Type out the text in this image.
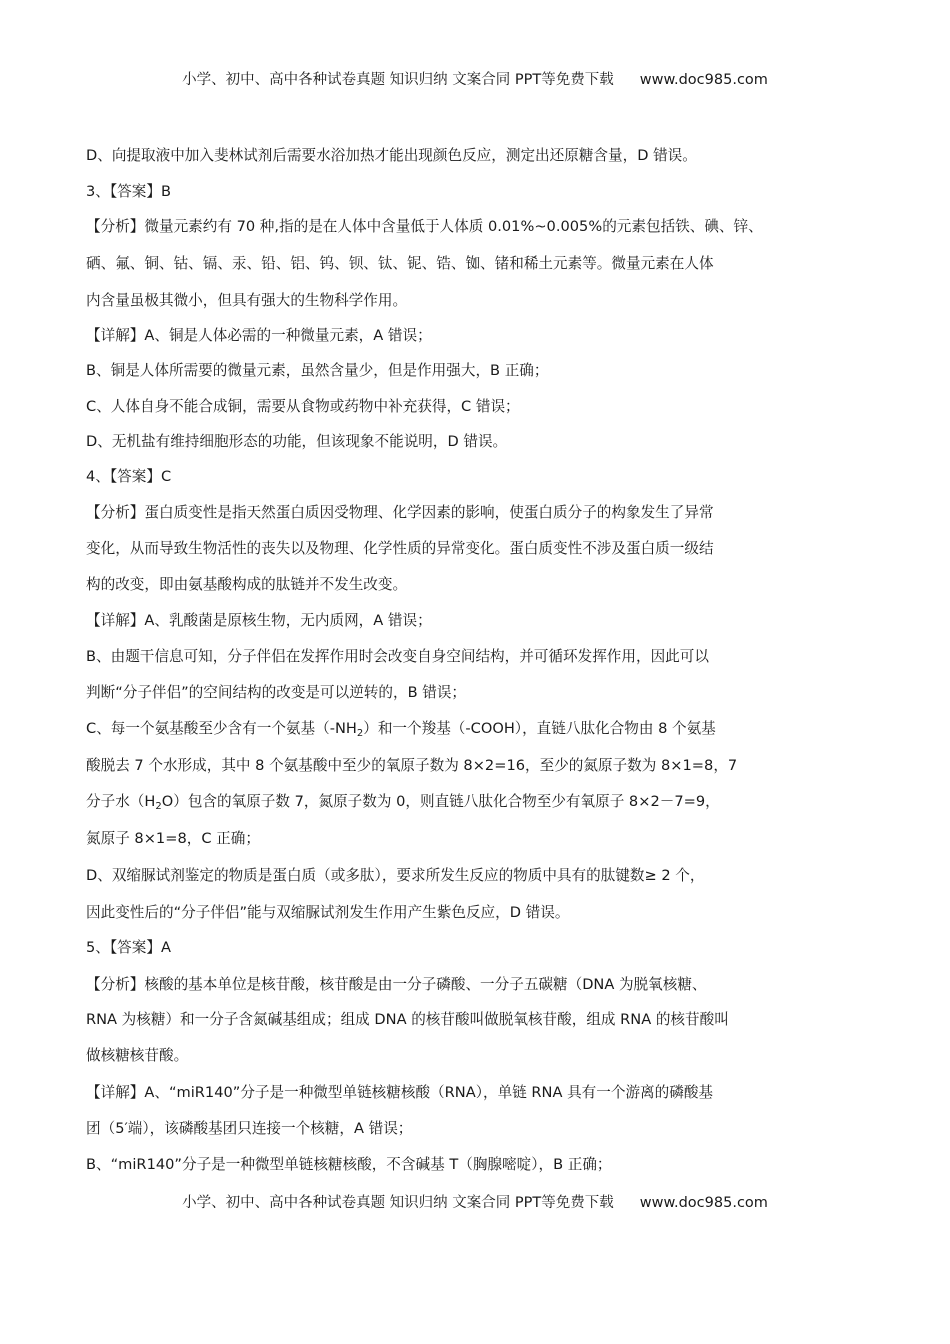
小学、初中、高中各种试卷真题 知识归纳 文案合同 PPT等免费下载 www.doc985.com
D、向提取液中加入斐林试剂后需要水浴加热才能出现颜色反应，测定出还原糖含量，D 错误。
3、【答案】B
【分析】微量元素约有 70 种,指的是在人体中含量低于人体质 0.01%~0.005%的元素包括铁、碘、锌、
硒、氟、铜、钴、镉、汞、铅、铝、钨、钡、钛、铌、锆、铷、锗和稀土元素等。微量元素在人体
内含量虽极其微小，但具有强大的生物科学作用。
【详解】A、铜是人体必需的一种微量元素，A 错误；
B、铜是人体所需要的微量元素，虽然含量少，但是作用强大，B 正确；
C、人体自身不能合成铜，需要从食物或药物中补充获得，C 错误；
D、无机盐有维持细胞形态的功能，但该现象不能说明，D 错误。
4、【答案】C
【分析】蛋白质变性是指天然蛋白质因受物理、化学因素的影响，使蛋白质分子的构象发生了异常
变化，从而导致生物活性的丧失以及物理、化学性质的异常变化。蛋白质变性不涉及蛋白质一级结
构的改变，即由氨基酸构成的肽链并不发生改变。
【详解】A、乳酸菌是原核生物，无内质网，A 错误；
B、由题干信息可知，分子伴侣在发挥作用时会改变自身空间结构，并可循环发挥作用，因此可以
判断“分子伴侣”的空间结构的改变是可以逆转的，B 错误；
C、每一个氨基酸至少含有一个氨基$(-NH_2)$和一个羧基（-COOH），直链八肽化合物由 8 个氨基
酸脱去 7 个水形成，其中 8 个氨基酸中至少的氧原子数为 8×2=16，至少的氮原子数为 8×1=8，7
分子水$(H_2O)$包含的氧原子数 7，氮原子数为 0，则直链八肽化合物至少有氧原子 8×2－7=9，
氮原子 8×1=8，C 正确；
D、双缩脲试剂鉴定的物质是蛋白质（或多肽），要求所发生反应的物质中具有的肽键数≥ 2 个，
因此变性后的“分子伴侣”能与双缩脲试剂发生作用产生紫色反应，D 错误。
5、【答案】A
【分析】核酸的基本单位是核苷酸，核苷酸是由一分子磷酸、一分子五碳糖（DNA 为脱氧核糖、
RNA 为核糖）和一分子含氮碱基组成；组成 DNA 的核苷酸叫做脱氧核苷酸，组成 RNA 的核苷酸叫
做核糖核苷酸。
【详解】A、“miR140”分子是一种微型单链核糖核酸（RNA），单链 RNA 具有一个游离的磷酸基
团（5′端），该磷酸基团只连接一个核糖，A 错误；
B、“miR140”分子是一种微型单链核糖核酸，不含碱基 T（胸腺嘧啶），B 正确；
小学、初中、高中各种试卷真题 知识归纳 文案合同 PPT等免费下载 www.doc985.com
